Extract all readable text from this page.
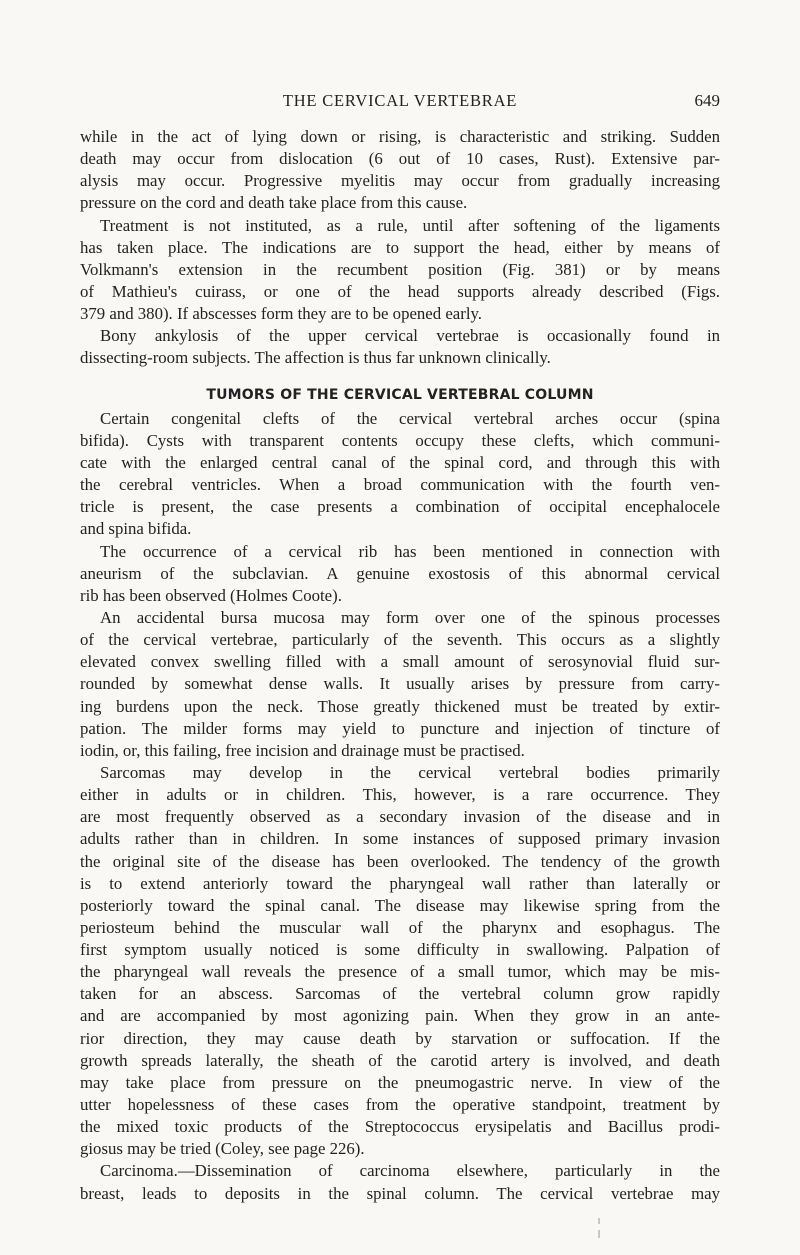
THE CERVICAL VERTEBRAE	649
while in the act of lying down or rising, is characteristic and striking. Sudden
death may occur from dislocation (6 out of 10 cases, Rust). Extensive par-
alysis may occur. Progressive myelitis may occur from gradually increasing
pressure on the cord and death take place from this cause.
Treatment is not instituted, as a rule, until after softening of the ligaments
has taken place. The indications are to support the head, either by means of
Volkmann's extension in the recumbent position (Fig. 381) or by means
of Mathieu's cuirass, or one of the head supports already described (Figs.
379 and 380). If abscesses form they are to be opened early.
Bony ankylosis of the upper cervical vertebrae is occasionally found in
dissecting-room subjects. The affection is thus far unknown clinically.
TUMORS OF THE CERVICAL VERTEBRAL COLUMN
Certain congenital clefts of the cervical vertebral arches occur (spina
bifida). Cysts with transparent contents occupy these clefts, which communi-
cate with the enlarged central canal of the spinal cord, and through this with
the cerebral ventricles. When a broad communication with the fourth ven-
tricle is present, the case presents a combination of occipital encephalocele
and spina bifida.
The occurrence of a cervical rib has been mentioned in connection with
aneurism of the subclavian. A genuine exostosis of this abnormal cervical
rib has been observed (Holmes Coote).
An accidental bursa mucosa may form over one of the spinous processes
of the cervical vertebrae, particularly of the seventh. This occurs as a slightly
elevated convex swelling filled with a small amount of serosynovial fluid sur-
rounded by somewhat dense walls. It usually arises by pressure from carry-
ing burdens upon the neck. Those greatly thickened must be treated by extir-
pation. The milder forms may yield to puncture and injection of tincture of
iodin, or, this failing, free incision and drainage must be practised.
Sarcomas may develop in the cervical vertebral bodies primarily
either in adults or in children. This, however, is a rare occurrence. They
are most frequently observed as a secondary invasion of the disease and in
adults rather than in children. In some instances of supposed primary invasion
the original site of the disease has been overlooked. The tendency of the growth
is to extend anteriorly toward the pharyngeal wall rather than laterally or
posteriorly toward the spinal canal. The disease may likewise spring from the
periosteum behind the muscular wall of the pharynx and esophagus. The
first symptom usually noticed is some difficulty in swallowing. Palpation of
the pharyngeal wall reveals the presence of a small tumor, which may be mis-
taken for an abscess. Sarcomas of the vertebral column grow rapidly
and are accompanied by most agonizing pain. When they grow in an ante-
rior direction, they may cause death by starvation or suffocation. If the
growth spreads laterally, the sheath of the carotid artery is involved, and death
may take place from pressure on the pneumogastric nerve. In view of the
utter hopelessness of these cases from the operative standpoint, treatment by
the mixed toxic products of the Streptococcus erysipelatis and Bacillus prodi-
giosus may be tried (Coley, see page 226).
Carcinoma.—Dissemination of carcinoma elsewhere, particularly in the
breast, leads to deposits in the spinal column. The cervical vertebrae may
